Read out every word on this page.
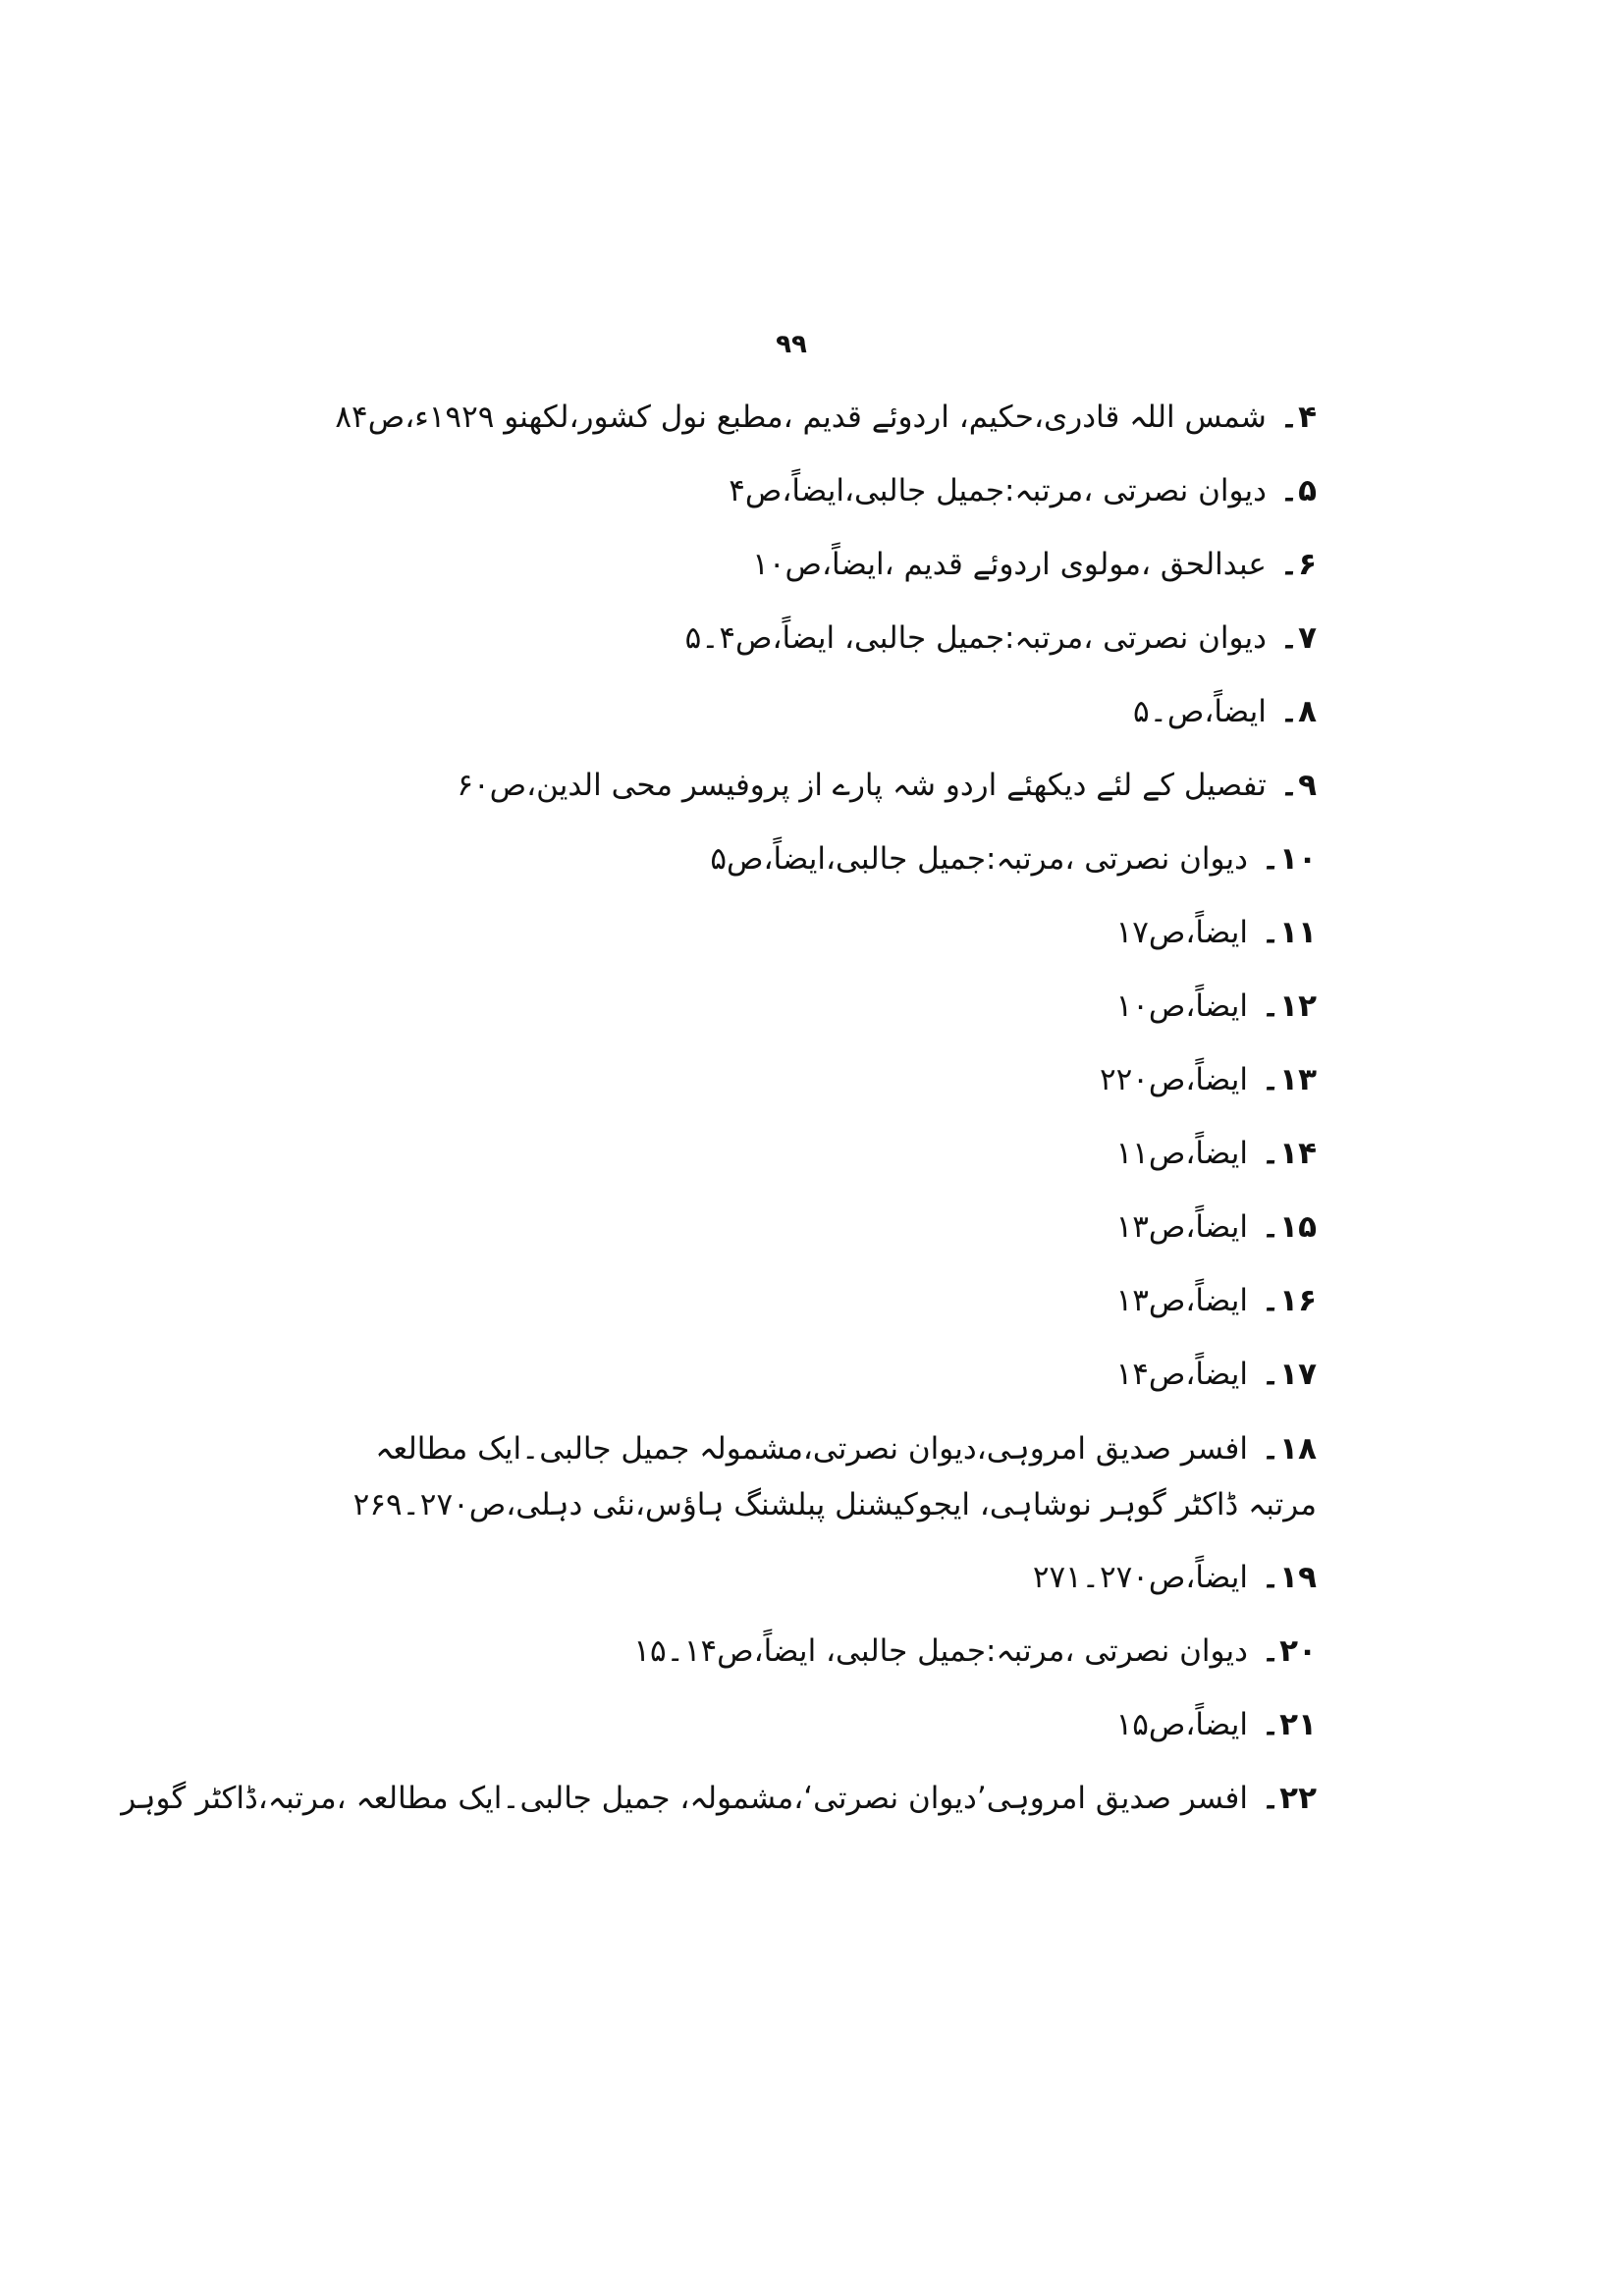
۹۹
۴۔شمس اللہ قادری،حکیم، اردوئے قدیم ،مطبع نول کشور،لکھنو ۱۹۲۹ء،ص۸۴
۵۔دیوان نصرتی ،مرتبہ:جمیل جالبی،ایضاً،ص۴
۶۔عبدالحق ،مولوی اردوئے قدیم ،ایضاً،ص۱۰
۷۔دیوان نصرتی ،مرتبہ:جمیل جالبی، ایضاً،ص۴۔۵
۸۔ایضاً،ص۔۵
۹۔تفصیل کے لئے دیکھئے اردو شہ پارے از پروفیسر محی الدین،ص۶۰
۱۰۔دیوان نصرتی ،مرتبہ:جمیل جالبی،ایضاً،ص۵
۱۱۔ایضاً،ص۱۷
۱۲۔ایضاً،ص۱۰
۱۳۔ایضاً،ص۲۲۰
۱۴۔ایضاً،ص۱۱
۱۵۔ایضاً،ص۱۳
۱۶۔ایضاً،ص۱۳
۱۷۔ایضاً،ص۱۴
۱۸۔افسر صدیق امروہی،دیوان نصرتی،مشمولہ جمیل جالبی۔ایک مطالعہ مرتبہ ڈاکٹر گوہر نوشاہی، ایجوکیشنل پبلشنگ ہاؤس،نئی دہلی،ص۲۷۰۔۲۶۹
۱۹۔ایضاً،ص۲۷۰۔۲۷۱
۲۰۔دیوان نصرتی ،مرتبہ:جمیل جالبی، ایضاً،ص۱۴۔۱۵
۲۱۔ایضاً،ص۱۵
۲۲۔افسر صدیق امروہی’دیوان نصرتی‘،مشمولہ، جمیل جالبی۔ایک مطالعہ ،مرتبہ،ڈاکٹر گوہر
